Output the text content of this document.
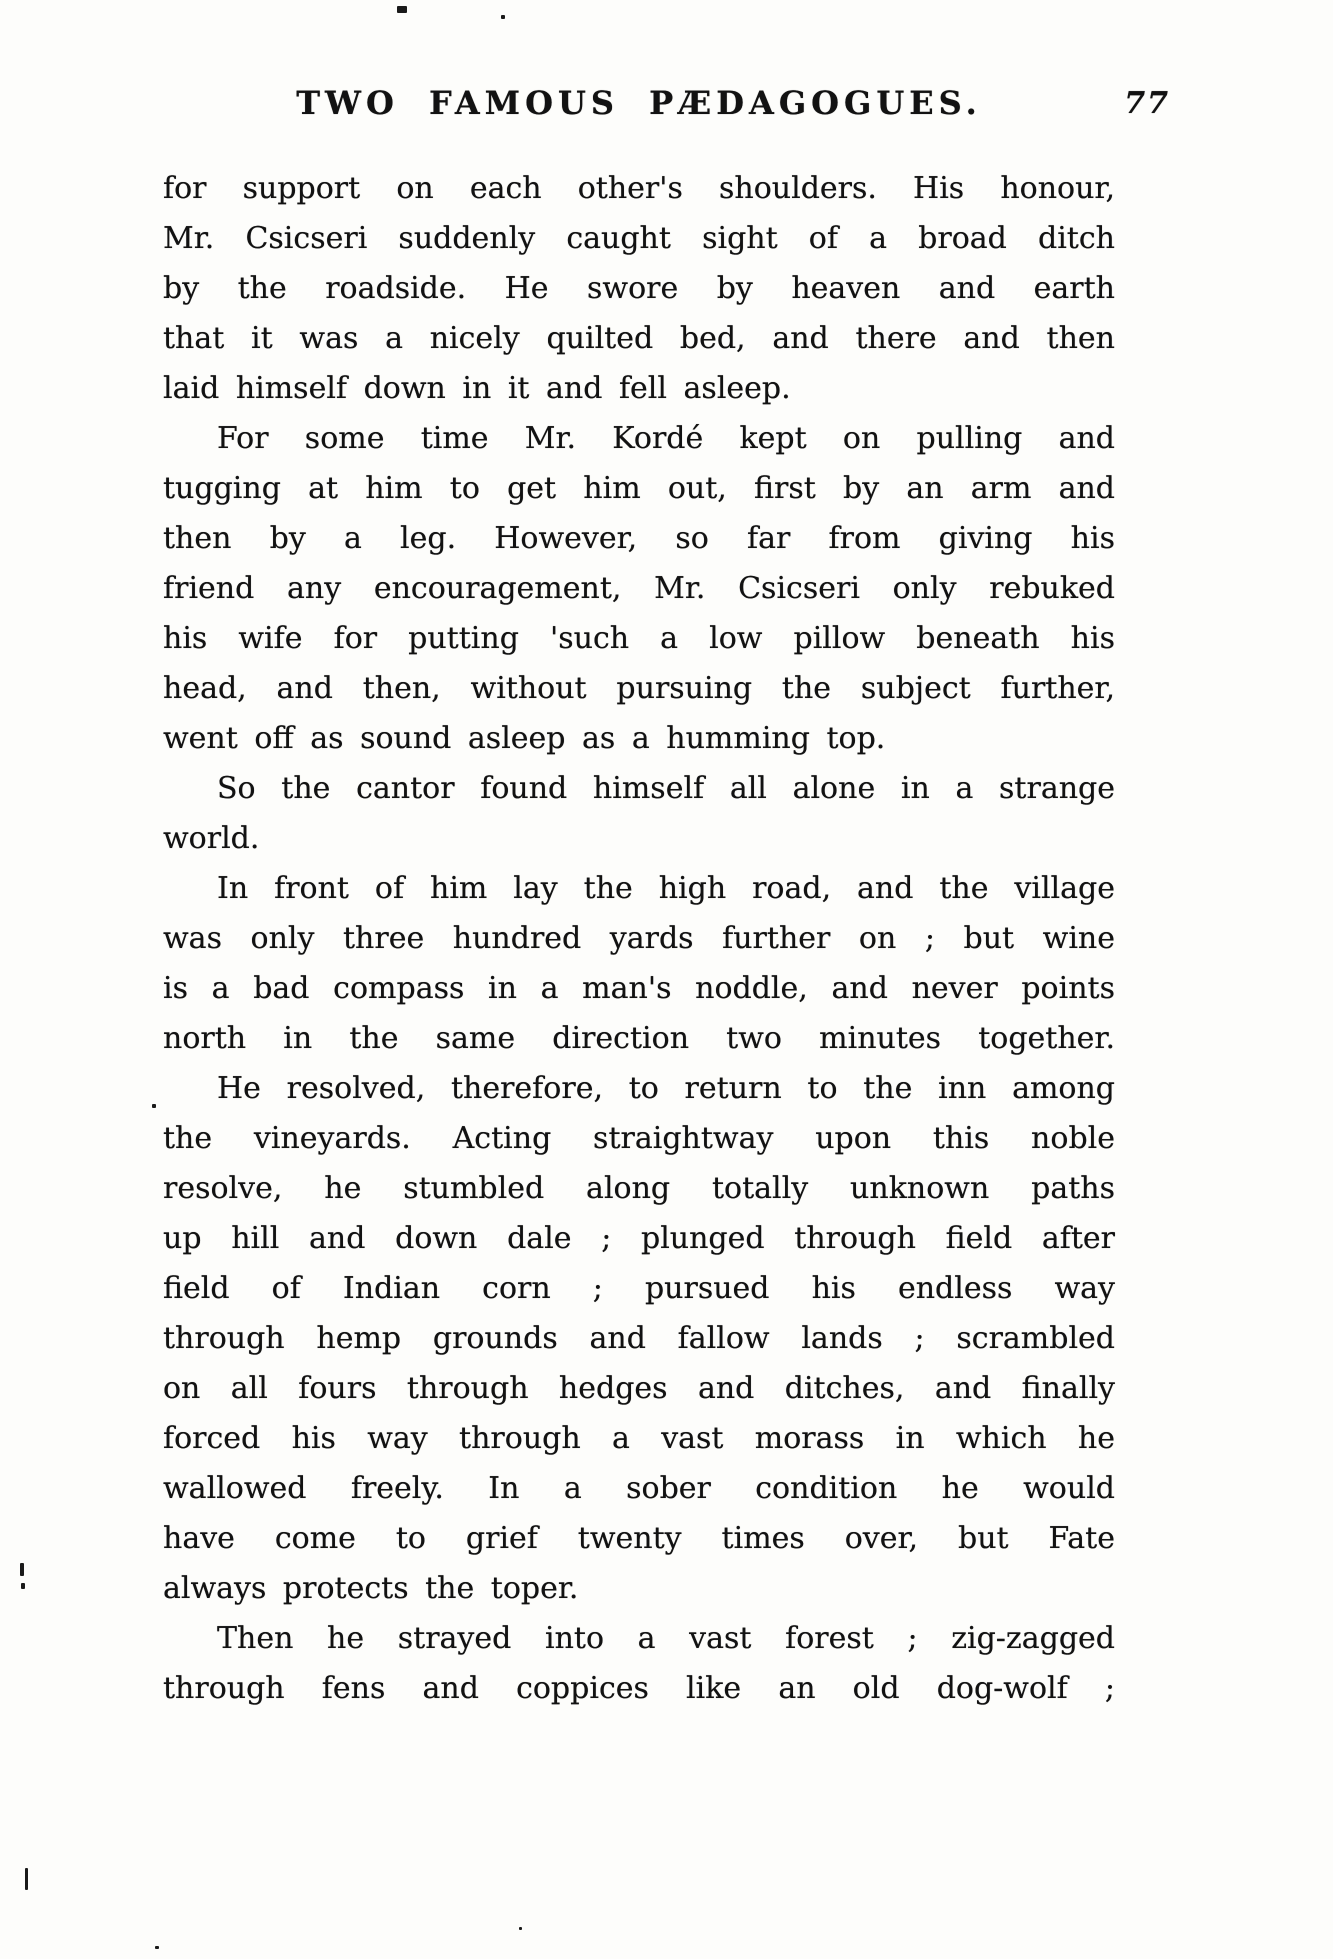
TWO FAMOUS PÆDAGOGUES.	77
for support on each other's shoulders. His honour,
Mr. Csicseri suddenly caught sight of a broad ditch
by the roadside. He swore by heaven and earth
that it was a nicely quilted bed, and there and then
laid himself down in it and fell asleep.
For some time Mr. Kordé kept on pulling and
tugging at him to get him out, first by an arm and
then by a leg. However, so far from giving his
friend any encouragement, Mr. Csicseri only rebuked
his wife for putting 'such a low pillow beneath his
head, and then, without pursuing the subject further,
went off as sound asleep as a humming top.
So the cantor found himself all alone in a strange
world.
In front of him lay the high road, and the village
was only three hundred yards further on ; but wine
is a bad compass in a man's noddle, and never points
north in the same direction two minutes together.
He resolved, therefore, to return to the inn among
the vineyards. Acting straightway upon this noble
resolve, he stumbled along totally unknown paths
up hill and down dale ; plunged through field after
field of Indian corn ; pursued his endless way
through hemp grounds and fallow lands ; scrambled
on all fours through hedges and ditches, and finally
forced his way through a vast morass in which he
wallowed freely. In a sober condition he would
have come to grief twenty times over, but Fate
always protects the toper.
Then he strayed into a vast forest ; zig-zagged
through fens and coppices like an old dog-wolf ;
